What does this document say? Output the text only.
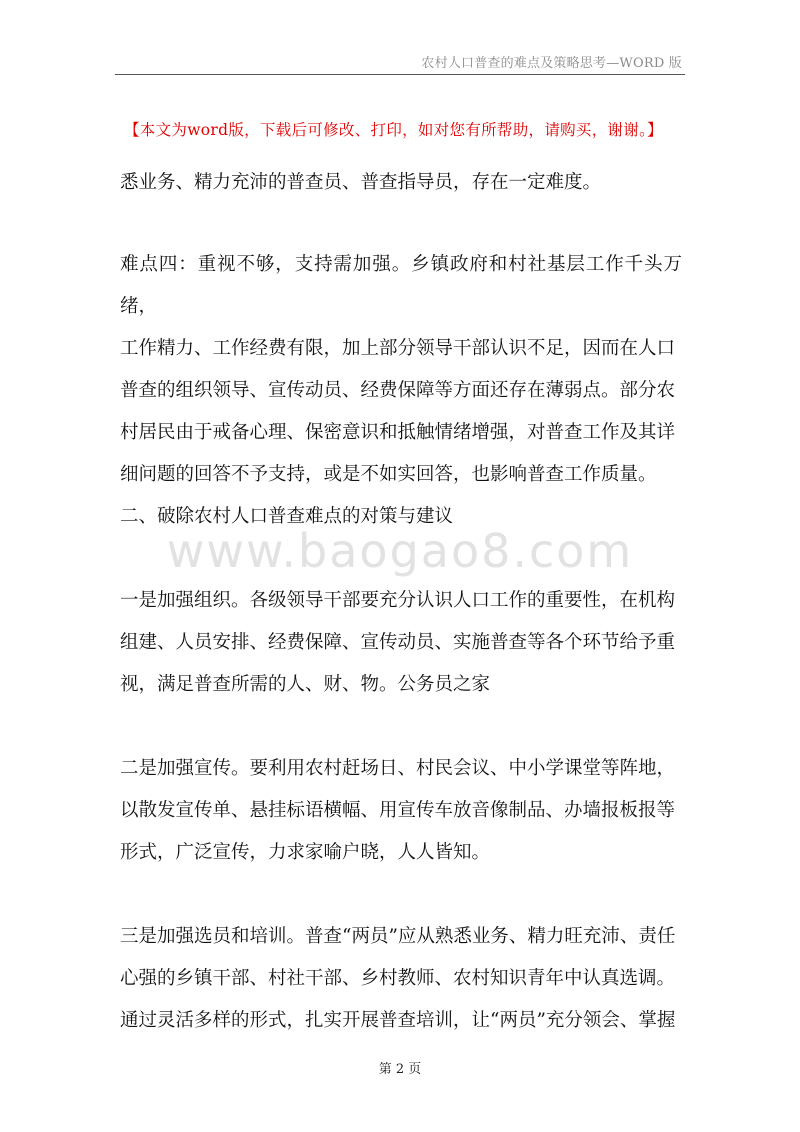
农村人口普查的难点及策略思考—WORD 版
【本文为word版，下载后可修改、打印，如对您有所帮助，请购买，谢谢。】

悉业务、精力充沛的普查员、普查指导员，存在一定难度。

难点四：重视不够，支持需加强。乡镇政府和村社基层工作千头万绪，
工作精力、工作经费有限，加上部分领导干部认识不足，因而在人口
普查的组织领导、宣传动员、经费保障等方面还存在薄弱点。部分农
村居民由于戒备心理、保密意识和抵触情绪增强，对普查工作及其详
细问题的回答不予支持，或是不如实回答，也影响普查工作质量。

二、破除农村人口普查难点的对策与建议

www.baogao8.com

一是加强组织。各级领导干部要充分认识人口工作的重要性，在机构
组建、人员安排、经费保障、宣传动员、实施普查等各个环节给予重
视，满足普查所需的人、财、物。公务员之家

二是加强宣传。要利用农村赶场日、村民会议、中小学课堂等阵地，
以散发宣传单、悬挂标语横幅、用宣传车放音像制品、办墙报板报等
形式，广泛宣传，力求家喻户晓，人人皆知。

三是加强选员和培训。普查“两员”应从熟悉业务、精力旺充沛、责任
心强的乡镇干部、村社干部、乡村教师、农村知识青年中认真选调。
通过灵活多样的形式，扎实开展普查培训，让“两员”充分领会、掌握

第 2 页
